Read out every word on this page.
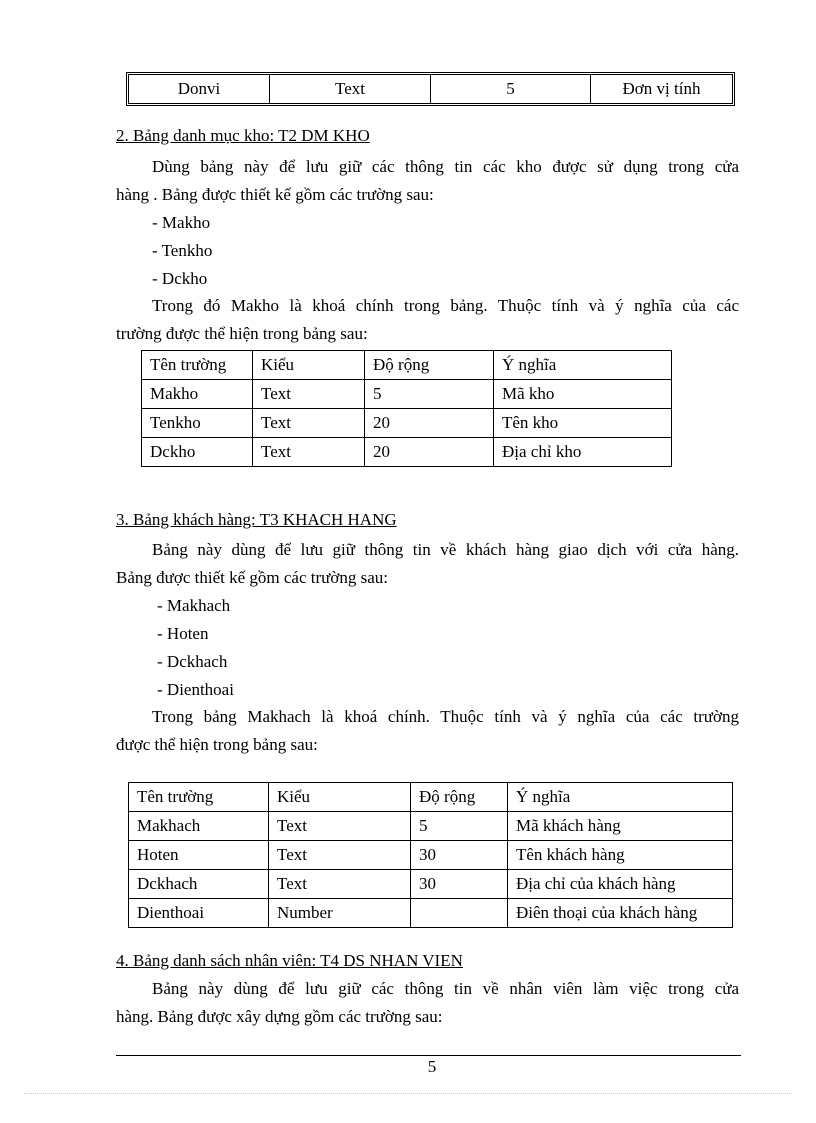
Donvi	Text	5	Đơn vị tính
2. Bảng danh mục kho: T2 DM KHO
Dùng bảng này để lưu giữ các thông tin các kho được sử dụng trong cửa
hàng . Bảng được thiết kế gồm các trường sau:
- Makho
- Tenkho
- Dckho
Trong đó Makho là khoá chính trong bảng. Thuộc tính và ý nghĩa của các
trường được thể hiện trong bảng sau:
Tên trường	Kiểu	Độ rộng	Ý nghĩa
Makho	Text	5	Mã kho
Tenkho	Text	20	Tên kho
Dckho	Text	20	Địa chỉ kho
3. Bảng khách hàng: T3 KHACH HANG
Bảng này dùng để lưu giữ thông tin về khách hàng giao dịch với cửa hàng.
Bảng được thiết kế gồm các trường sau:
- Makhach
- Hoten
- Dckhach
- Dienthoai
Trong bảng Makhach là khoá chính. Thuộc tính và ý nghĩa của các trường
được thể hiện trong bảng sau:
Tên trường	Kiểu	Độ rộng	Ý nghĩa
Makhach	Text	5	Mã khách hàng
Hoten	Text	30	Tên khách hàng
Dckhach	Text	30	Địa chỉ của khách hàng
Dienthoai	Number		Điên thoại của khách hàng
4. Bảng danh sách nhân viên: T4 DS NHAN VIEN
Bảng này dùng để lưu giữ các thông tin về nhân viên làm việc trong cửa
hàng. Bảng được xây dựng gồm các trường sau:
5
